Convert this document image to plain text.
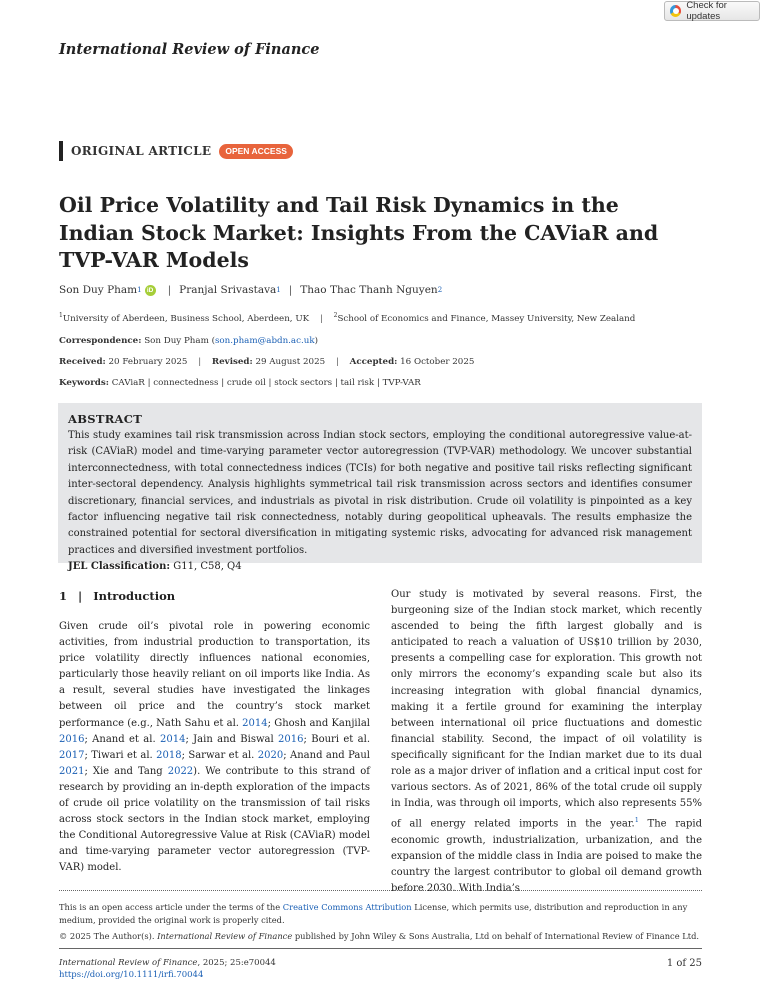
Check for updates
International Review of Finance
ORIGINAL ARTICLE	OPEN ACCESS
Oil Price Volatility and Tail Risk Dynamics in the Indian Stock Market: Insights From the CAViaR and TVP-VAR Models
Son Duy Pham 1 iD | Pranjal Srivastava 1 | Thao Thac Thanh Nguyen 2
$^1$University of Aberdeen, Business School, Aberdeen, UK | $^2$School of Economics and Finance, Massey University, New Zealand
Correspondence: Son Duy Pham (son.pham@abdn.ac.uk)
Received: 20 February 2025 | Revised: 29 August 2025 | Accepted: 16 October 2025
Keywords: CAViaR | connectedness | crude oil | stock sectors | tail risk | TVP-VAR
ABSTRACT
This study examines tail risk transmission across Indian stock sectors, employing the conditional autoregressive value-at-risk (CAViaR) model and time-varying parameter vector autoregression (TVP-VAR) methodology. We uncover substantial interconnectedness, with total connectedness indices (TCIs) for both negative and positive tail risks reflecting significant inter-sectoral dependency. Analysis highlights symmetrical tail risk transmission across sectors and identifies consumer discretionary, financial services, and industrials as pivotal in risk distribution. Crude oil volatility is pinpointed as a key factor influencing negative tail risk connectedness, notably during geopolitical upheavals. The results emphasize the constrained potential for sectoral diversification in mitigating systemic risks, advocating for advanced risk management practices and diversified investment portfolios.
JEL Classification: G11, C58, Q4
1 | Introduction
Given crude oil’s pivotal role in powering economic activities, from industrial production to transportation, its price volatility directly influences national economies, particularly those heavily reliant on oil imports like India. As a result, several studies have investigated the linkages between oil price and the country’s stock market performance (e.g., Nath Sahu et al. 2014; Ghosh and Kanjilal 2016; Anand et al. 2014; Jain and Biswal 2016; Bouri et al. 2017; Tiwari et al. 2018; Sarwar et al. 2020; Anand and Paul 2021; Xie and Tang 2022). We contribute to this strand of research by providing an in-depth exploration of the impacts of crude oil price volatility on the transmission of tail risks across stock sectors in the Indian stock market, employing the Conditional Autoregressive Value at Risk (CAViaR) model and time-varying parameter vector autoregression (TVP-VAR) model.
Our study is motivated by several reasons. First, the burgeoning size of the Indian stock market, which recently ascended to being the fifth largest globally and is anticipated to reach a valuation of US$10 trillion by 2030, presents a compelling case for exploration. This growth not only mirrors the economy’s expanding scale but also its increasing integration with global financial dynamics, making it a fertile ground for examining the interplay between international oil price fluctuations and domestic financial stability. Second, the impact of oil volatility is specifically significant for the Indian market due to its dual role as a major driver of inflation and a critical input cost for various sectors. As of 2021, 86% of the total crude oil supply in India, was through oil imports, which also represents 55% of all energy related imports in the year.$^1$ The rapid economic growth, industrialization, urbanization, and the expansion of the middle class in India are poised to make the country the largest contributor to global oil demand growth before 2030. With India’s
This is an open access article under the terms of the Creative Commons Attribution License, which permits use, distribution and reproduction in any medium, provided the original work is properly cited.
© 2025 The Author(s). International Review of Finance published by John Wiley & Sons Australia, Ltd on behalf of International Review of Finance Ltd.
International Review of Finance, 2025; 25:e70044
https://doi.org/10.1111/irfi.70044
1 of 25
